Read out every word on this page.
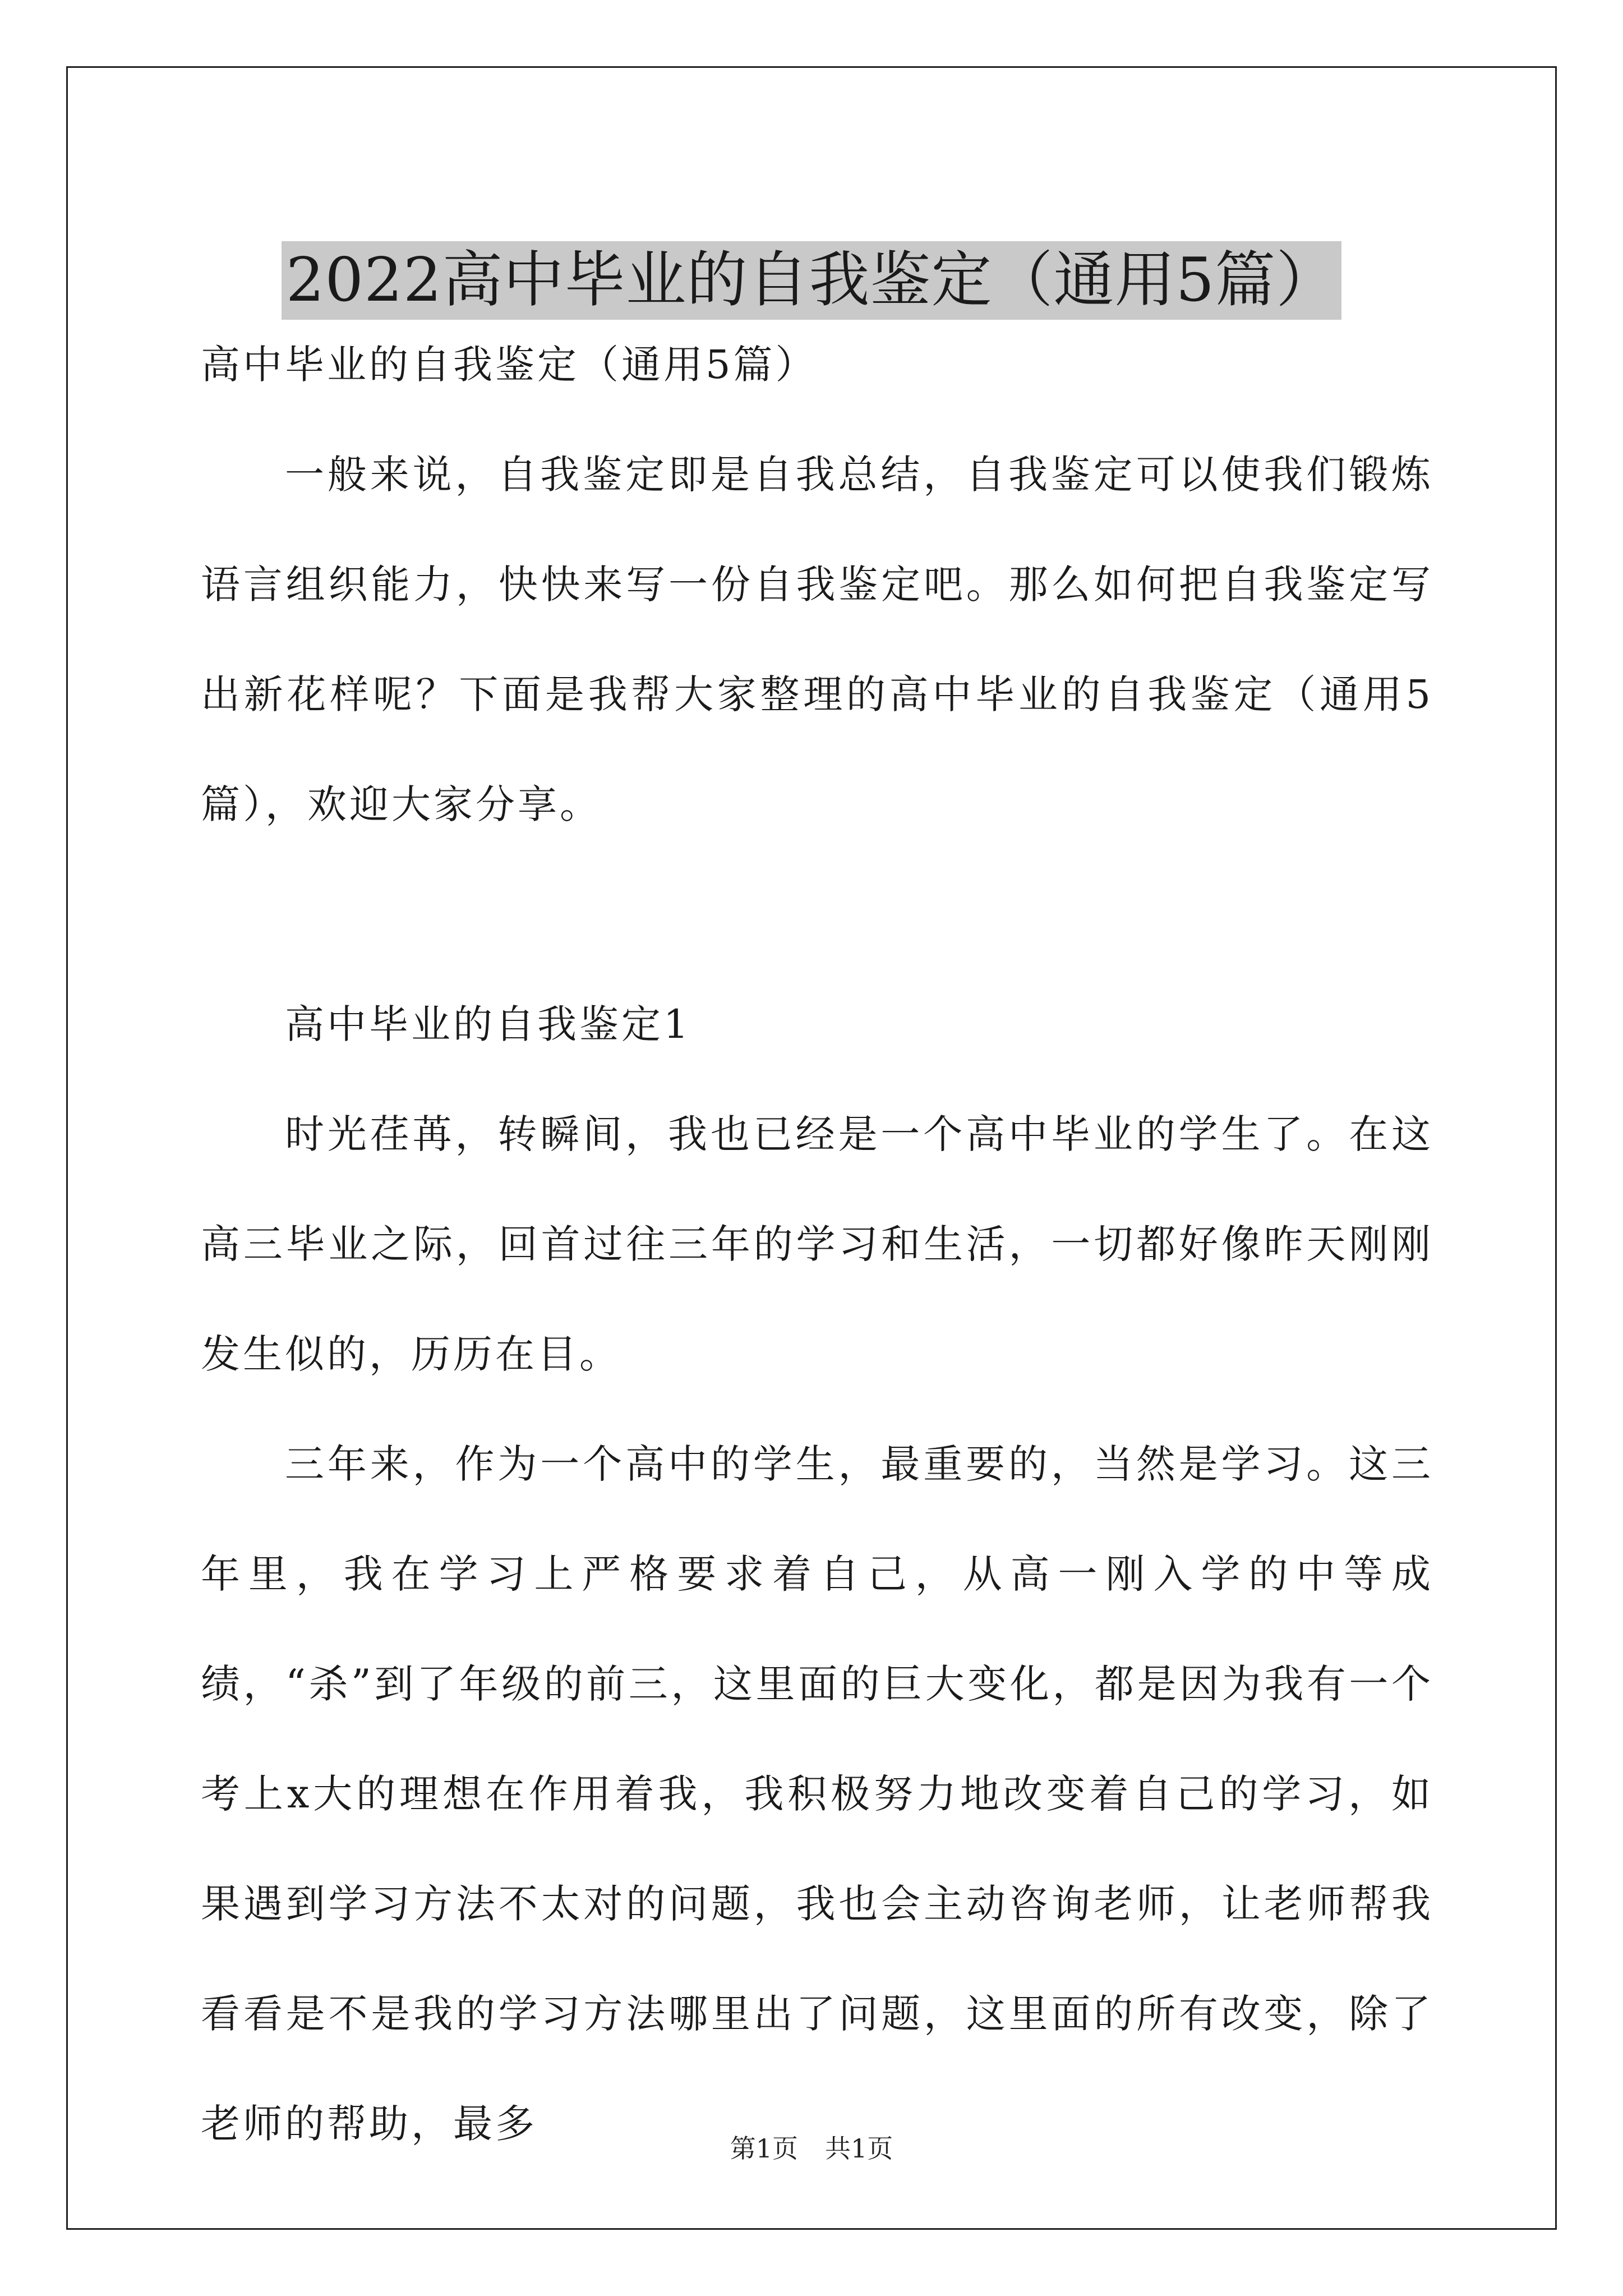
2022高中毕业的自我鉴定（通用5篇）

高中毕业的自我鉴定（通用5篇）

一般来说，自我鉴定即是自我总结，自我鉴定可以使我们锻炼语言组织能力，快快来写一份自我鉴定吧。那么如何把自我鉴定写出新花样呢？下面是我帮大家整理的高中毕业的自我鉴定（通用5篇），欢迎大家分享。

高中毕业的自我鉴定1

时光荏苒，转瞬间，我也已经是一个高中毕业的学生了。在这高三毕业之际，回首过往三年的学习和生活，一切都好像昨天刚刚发生似的，历历在目。

三年来，作为一个高中的学生，最重要的，当然是学习。这三年里，我在学习上严格要求着自己，从高一刚入学的中等成绩，“杀”到了年级的前三，这里面的巨大变化，都是因为我有一个考上x大的理想在作用着我，我积极努力地改变着自己的学习，如果遇到学习方法不太对的问题，我也会主动咨询老师，让老师帮我看看是不是我的学习方法哪里出了问题，这里面的所有改变，除了老师的帮助，最多

第1页 共1页
